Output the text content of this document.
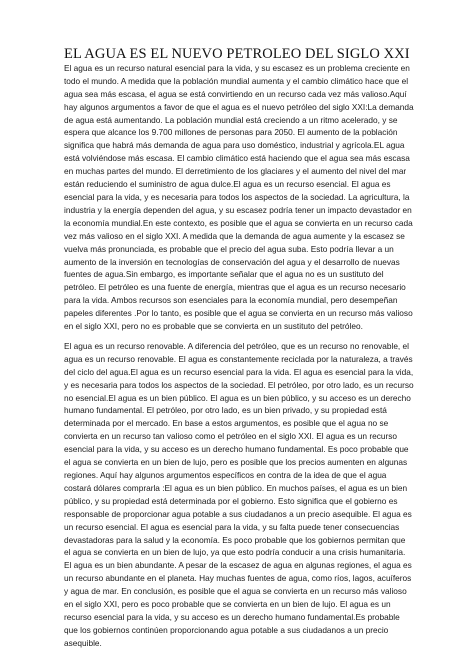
EL AGUA ES EL NUEVO PETROLEO DEL SIGLO XXI El agua es un recurso natural esencial para la vida, y su escasez es un problema creciente en todo el mundo. A medida que la población mundial aumenta y el cambio climático hace que el agua sea más escasa, el agua se está convirtiendo en un recurso cada vez más valioso.Aquí hay algunos argumentos a favor de que el agua es el nuevo petróleo del siglo XXI:La demanda de agua está aumentando. La población mundial está creciendo a un ritmo acelerado, y se espera que alcance los 9.700 millones de personas para 2050. El aumento de la población significa que habrá más demanda de agua para uso doméstico, industrial y agrícola.EL agua está volviéndose más escasa. El cambio climático está haciendo que el agua sea más escasa en muchas partes del mundo. El derretimiento de los glaciares y el aumento del nivel del mar están reduciendo el suministro de agua dulce.El agua es un recurso esencial. El agua es esencial para la vida, y es necesaria para todos los aspectos de la sociedad. La agricultura, la industria y la energía dependen del agua, y su escasez podría tener un impacto devastador en la economía mundial.En este contexto, es posible que el agua se convierta en un recurso cada vez más valioso en el siglo XXI. A medida que la demanda de agua aumente y la escasez se vuelva más pronunciada, es probable que el precio del agua suba. Esto podría llevar a un aumento de la inversión en tecnologías de conservación del agua y el desarrollo de nuevas fuentes de agua.Sin embargo, es importante señalar que el agua no es un sustituto del petróleo. El petróleo es una fuente de energía, mientras que el agua es un recurso necesario para la vida. Ambos recursos son esenciales para la economía mundial, pero desempeñan papeles diferentes .Por lo tanto, es posible que el agua se convierta en un recurso más valioso en el siglo XXI, pero no es probable que se convierta en un sustituto del petróleo.

El agua es un recurso renovable. A diferencia del petróleo, que es un recurso no renovable, el agua es un recurso renovable. El agua es constantemente reciclada por la naturaleza, a través del ciclo del agua.El agua es un recurso esencial para la vida. El agua es esencial para la vida, y es necesaria para todos los aspectos de la sociedad. El petróleo, por otro lado, es un recurso no esencial.El agua es un bien público. El agua es un bien público, y su acceso es un derecho humano fundamental. El petróleo, por otro lado, es un bien privado, y su propiedad está determinada por el mercado. En base a estos argumentos, es posible que el agua no se convierta en un recurso tan valioso como el petróleo en el siglo XXI. El agua es un recurso esencial para la vida, y su acceso es un derecho humano fundamental. Es poco probable que el agua se convierta en un bien de lujo, pero es posible que los precios aumenten en algunas regiones. Aquí hay algunos argumentos específicos en contra de la idea de que el agua costará dólares comprarla :El agua es un bien público. En muchos países, el agua es un bien público, y su propiedad está determinada por el gobierno. Esto significa que el gobierno es responsable de proporcionar agua potable a sus ciudadanos a un precio asequible. El agua es un recurso esencial. El agua es esencial para la vida, y su falta puede tener consecuencias devastadoras para la salud y la economía. Es poco probable que los gobiernos permitan que el agua se convierta en un bien de lujo, ya que esto podría conducir a una crisis humanitaria. El agua es un bien abundante. A pesar de la escasez de agua en algunas regiones, el agua es un recurso abundante en el planeta. Hay muchas fuentes de agua, como ríos, lagos, acuíferos y agua de mar. En conclusión, es posible que el agua se convierta en un recurso más valioso en el siglo XXI, pero es poco probable que se convierta en un bien de lujo. El agua es un recurso esencial para la vida, y su acceso es un derecho humano fundamental.Es probable que los gobiernos continúen proporcionando agua potable a sus ciudadanos a un precio asequible.
